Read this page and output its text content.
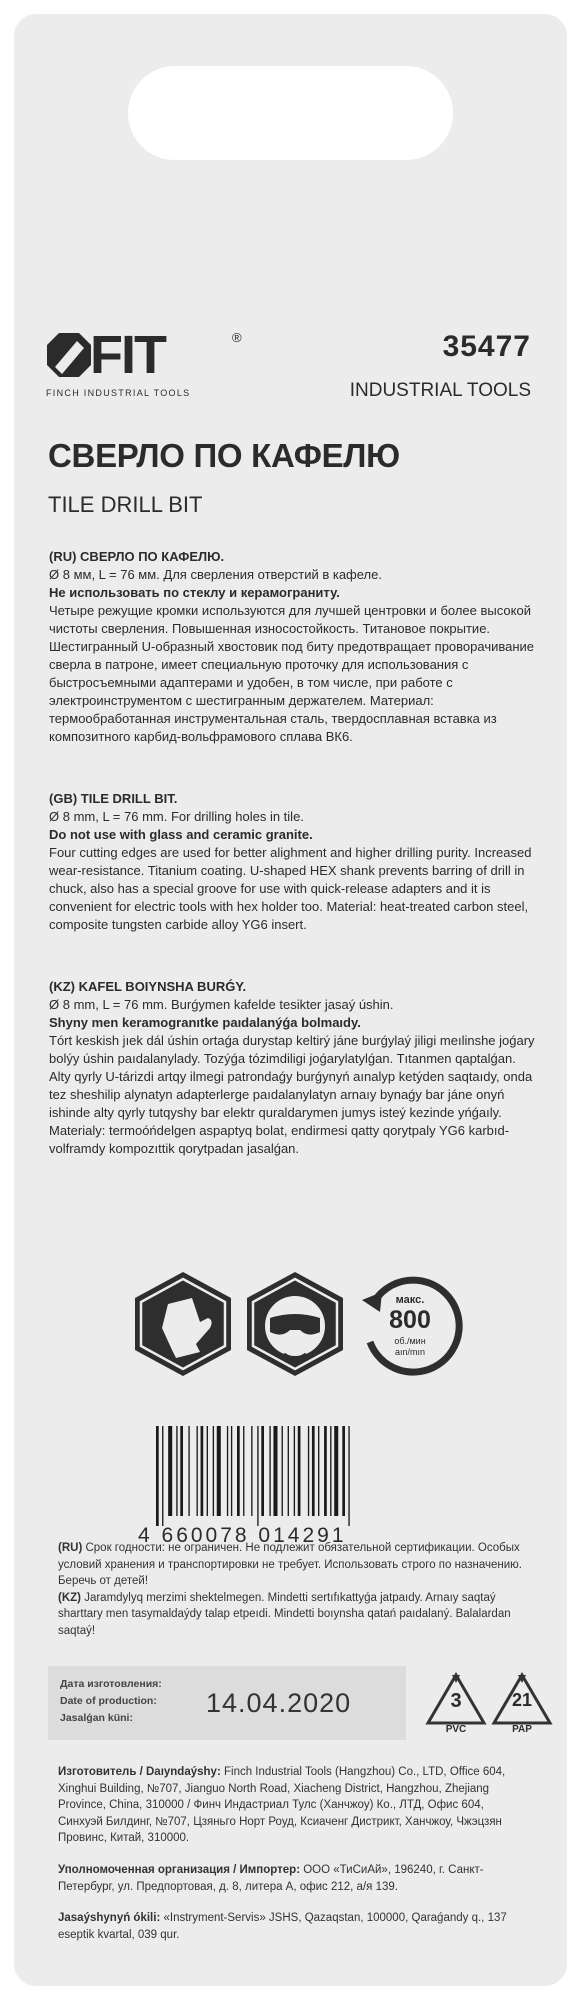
FIT	®
FINCH INDUSTRIAL TOOLS
35477
INDUSTRIAL TOOLS
СВЕРЛО ПО КАФЕЛЮ
TILE DRILL BIT

(RU) СВЕРЛО ПО КАФЕЛЮ.

Ø 8 мм, L = 76 мм. Для сверления отверстий в кафеле.

Не использовать по стеклу и керамограниту.

Четыре режущие кромки используются для лучшей центровки и более высокой чистоты сверления. Повышенная износостойкость. Титановое покрытие. Шестигранный U-образный хвостовик под биту предотвращает проворачивание сверла в патроне, имеет специальную проточку для использования с быстросъемными адаптерами и удобен, в том числе, при работе с электроинструментом с шестигранным держателем. Материал: термообработанная инструментальная сталь, твердосплавная вставка из композитного карбид-вольфрамового сплава ВК6.

(GB) TILE DRILL BIT.

Ø 8 mm, L = 76 mm. For drilling holes in tile.

Do not use with glass and ceramic granite.

Four cutting edges are used for better alighment and higher drilling purity. Increased wear-resistance. Titanium coating. U-shaped HEX shank prevents barring of drill in chuck, also has a special groove for use with quick-release adapters and it is convenient for electric tools with hex holder too. Material: heat-treated carbon steel, composite tungsten carbide alloy YG6 insert.

(KZ) KAFEL BOIYNSHA BURǴY.

Ø 8 mm, L = 76 mm. Burǵymen kafelde tesikter jasaý úshin.

Shyny men keramogranıtke paıdalanýǵa bolmaıdy.

Tórt keskish jıek dál úshin ortaǵa durystap keltirý jáne burǵylaý jiligi meılinshe joǵary bolýy úshin paıdalanylady. Tozýǵa tózimdiligi joǵarylatylǵan. Tıtanmen qaptalǵan. Alty qyrly U-tárizdi artqy ilmegi patrondaǵy burǵynyń aınalyp ketýden saqtaıdy, onda tez sheshilip alynatyn adapterlerge paıdalanylatyn arnaıy bynaǵy bar jáne onyń ishinde alty qyrly tutqyshy bar elektr quraldarymen jumys isteý kezinde yńǵaıly. Materialy: termoóńdelgen aspaptyq bolat, endirmesi qatty qorytpaly YG6 karbıd-volframdy kompozıttik qorytpadan jasalǵan.

макс.
800
об./мин
aın/mın
4 660078 014291
(RU) Срок годности: не ограничен. Не подлежит обязательной сертификации. Особых условий хранения и транспортировки не требует. Использовать строго по назначению. Беречь от детей!
(KZ) Jaramdylyq merzimi shektelmegen. Mindetti sertıfıkattyǵa jatpaıdy. Arnaıy saqtaý sharttary men tasymaldaýdy talap etpeıdi. Mindetti boıynsha qatań paıdalaný. Balalardan saqtaý!
Дата изготовления:
Date of production:
Jasalǵan küni:	14.04.2020	3
PVC
21
PAP
Изготовитель / Daıyndaýshy: Finch Industrial Tools (Hangzhou) Co., LTD, Office 604, Xinghui Building, №707, Jianguo North Road, Xiacheng District, Hangzhou, Zhejiang Province, China, 310000 / Финч Индастриал Тулс (Ханчжоу) Ко., ЛТД, Офис 604, Синхуэй Билдинг, №707, Цзяньго Норт Роуд, Ксиаченг Дистрикт, Ханчжоу, Чжэцзян Провинс, Китай, 310000.
Уполномоченная организация / Импортер: ООО «ТиСиАй», 196240, г. Санкт-Петербург, ул. Предпортовая, д. 8, литера А, офис 212, а/я 139.
Jasaýshynyń ókili: «Instryment-Servis» JSHS, Qazaqstan, 100000, Qaraǵandy q., 137 eseptik kvartal, 039 qur.
